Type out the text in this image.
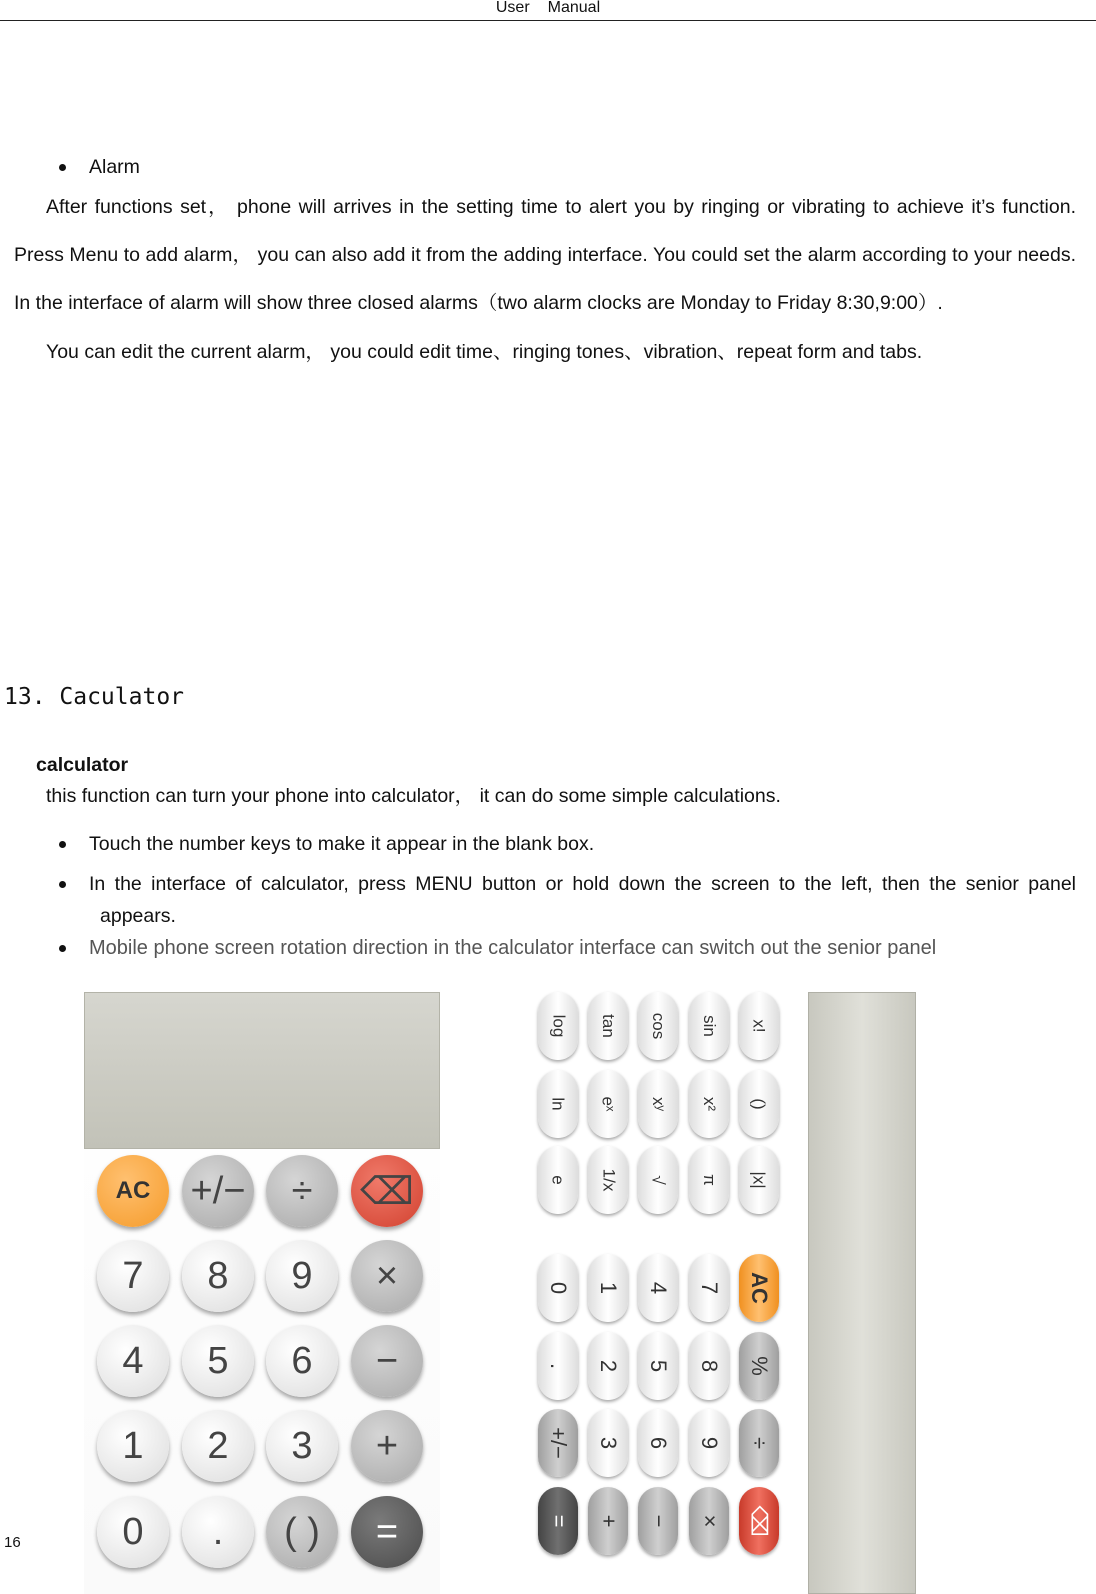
User Manual
Alarm
After functions set， phone will arrives in the setting time to alert you by ringing or vibrating to achieve it’s function.
Press Menu to add alarm， you can also add it from the adding interface. You could set the alarm according to your needs.
In the interface of alarm will show three closed alarms（two alarm clocks are Monday to Friday 8:30,9:00）.
You can edit the current alarm， you could edit time、ringing tones、vibration、repeat form and tabs.
13. Caculator
calculator
this function can turn your phone into calculator， it can do some simple calculations.
Touch the number keys to make it appear in the blank box.
In the interface of calculator, press MENU button or hold down the screen to the left, then the senior panel
appears.
Mobile phone screen rotation direction in the calculator interface can switch out the senior panel
AC	+/−	÷	⌫
7	8	9	×
4	5	6	−
1	2	3	+
0	.	( )	=
log tan cos sin x!
ln eˣ xʸ x² ()
e 1/x √ π |x|
0 1 4 7 AC
. 2 5 8 %
+/− 3 6 9 ÷
= + − × ⌫
16
